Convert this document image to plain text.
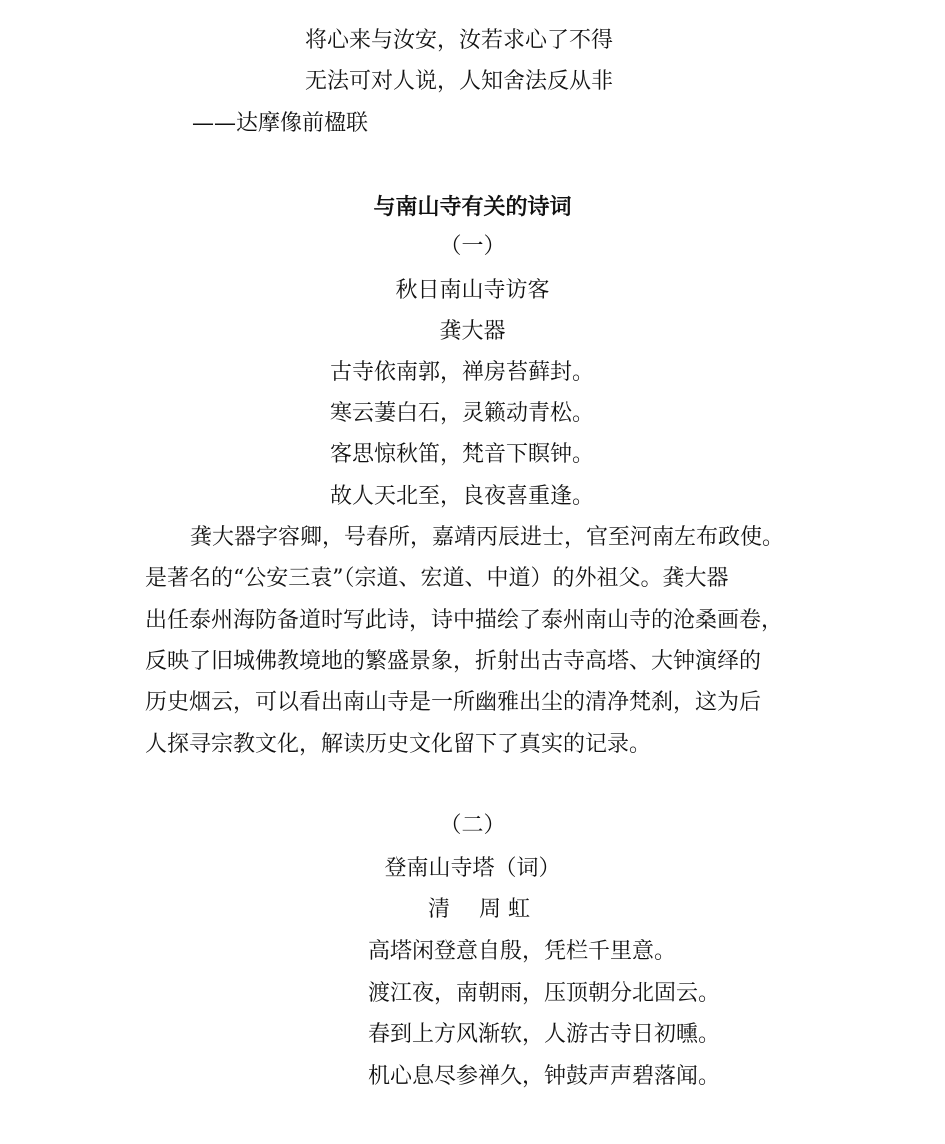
将心来与汝安，汝若求心了不得
无法可对人说，人知舍法反从非
——达摩像前楹联
与南山寺有关的诗词
（一）
秋日南山寺访客
龚大器
古寺依南郭，禅房苔藓封。
寒云萋白石，灵籁动青松。
客思惊秋笛，梵音下瞑钟。
故人天北至，良夜喜重逢。
龚大器字容卿，号春所，嘉靖丙辰进士，官至河南左布政使。
是著名的“公安三袁”（宗道、宏道、中道）的外祖父。龚大器
出任泰州海防备道时写此诗，诗中描绘了泰州南山寺的沧桑画卷，
反映了旧城佛教境地的繁盛景象，折射出古寺高塔、大钟演绎的
历史烟云，可以看出南山寺是一所幽雅出尘的清净梵刹，这为后
人探寻宗教文化，解读历史文化留下了真实的记录。
（二）
登南山寺塔（词）
清　 周 虹
高塔闲登意自殷，凭栏千里意。
渡江夜，南朝雨，压顶朝分北固云。
春到上方风渐软，人游古寺日初曛。
机心息尽参禅久，钟鼓声声碧落闻。
